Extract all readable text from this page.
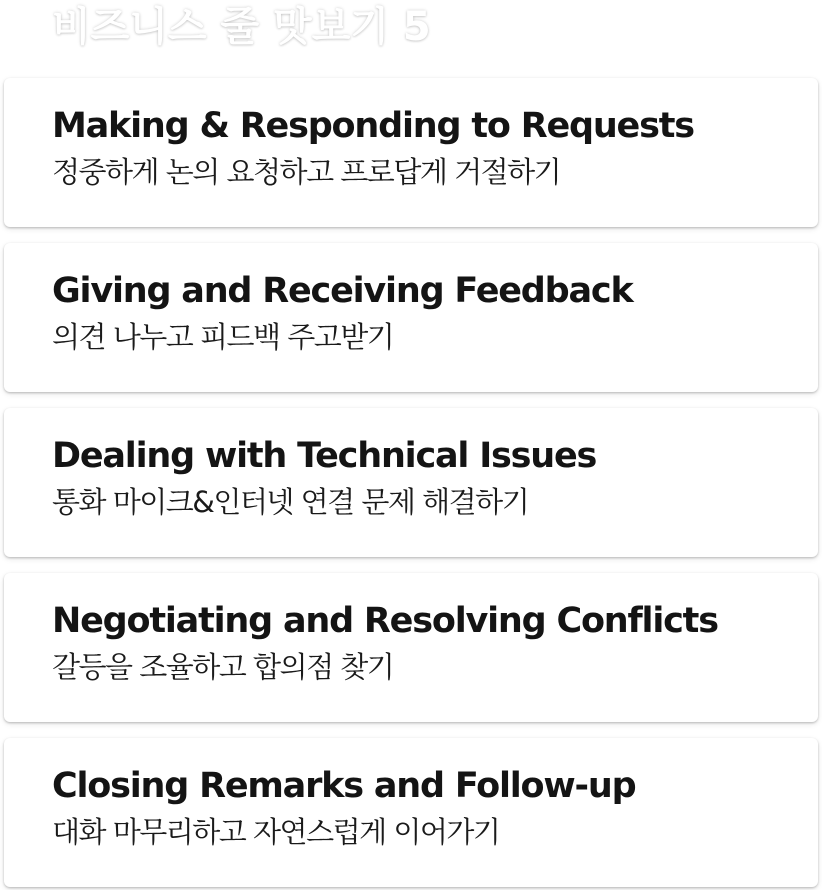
비즈니스 줄 맛보기 5
Making & Responding to Requests

정중하게 논의 요청하고 프로답게 거절하기

Giving and Receiving Feedback

의견 나누고 피드백 주고받기

Dealing with Technical Issues

통화 마이크&인터넷 연결 문제 해결하기

Negotiating and Resolving Conflicts

갈등을 조율하고 합의점 찾기

Closing Remarks and Follow-up

대화 마무리하고 자연스럽게 이어가기
